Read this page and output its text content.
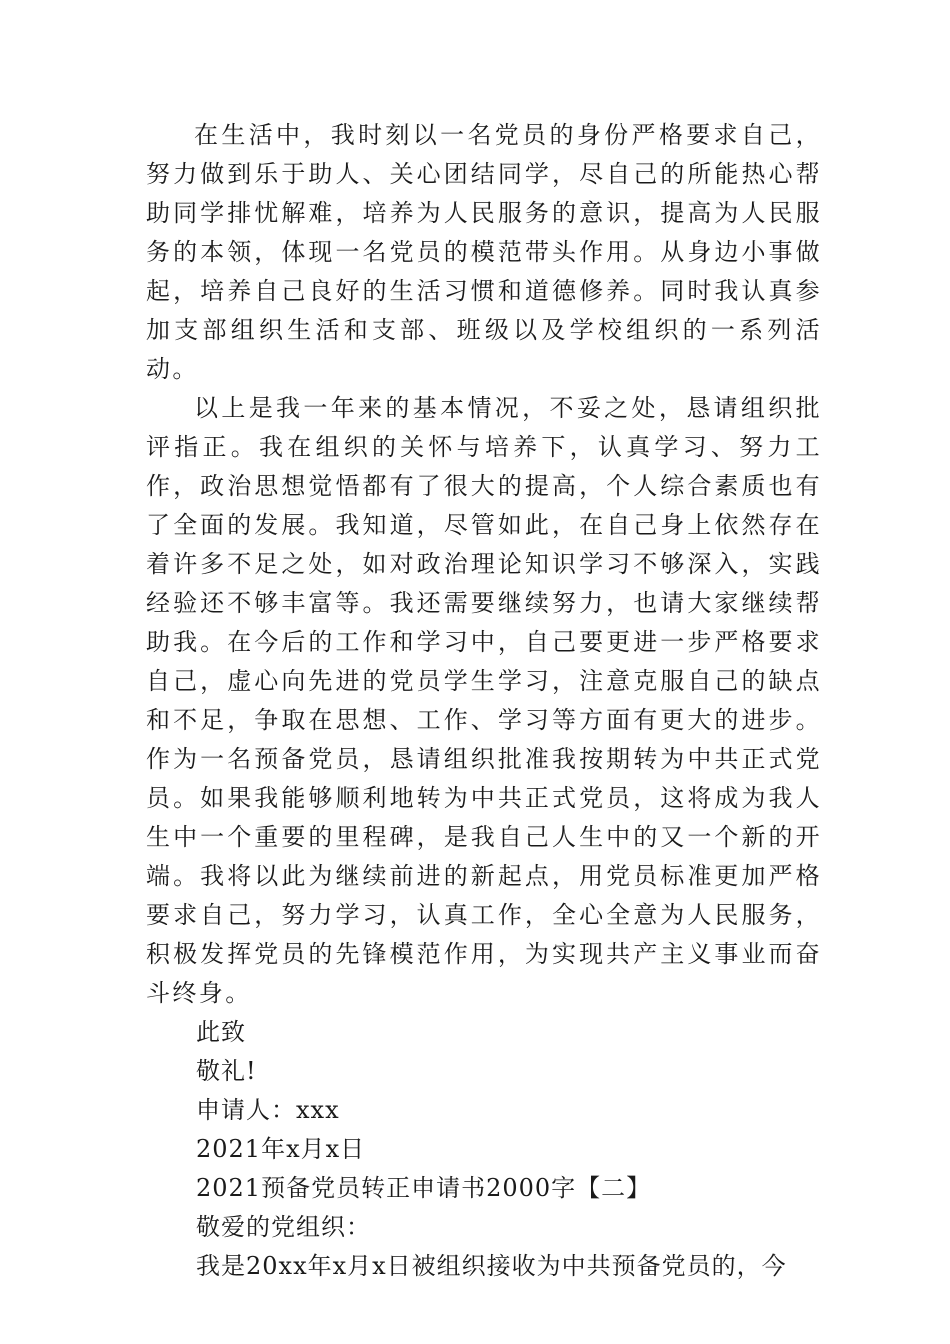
在生活中，我时刻以一名党员的身份严格要求自己，努力做到乐于助人、关心团结同学，尽自己的所能热心帮助同学排忧解难，培养为人民服务的意识，提高为人民服务的本领，体现一名党员的模范带头作用。从身边小事做起，培养自己良好的生活习惯和道德修养。同时我认真参加支部组织生活和支部、班级以及学校组织的一系列活动。

以上是我一年来的基本情况，不妥之处，恳请组织批评指正。我在组织的关怀与培养下，认真学习、努力工作，政治思想觉悟都有了很大的提高，个人综合素质也有了全面的发展。我知道，尽管如此，在自己身上依然存在着许多不足之处，如对政治理论知识学习不够深入，实践经验还不够丰富等。我还需要继续努力，也请大家继续帮助我。在今后的工作和学习中，自己要更进一步严格要求自己，虚心向先进的党员学生学习，注意克服自己的缺点和不足，争取在思想、工作、学习等方面有更大的进步。作为一名预备党员，恳请组织批准我按期转为中共正式党员。如果我能够顺利地转为中共正式党员，这将成为我人生中一个重要的里程碑，是我自己人生中的又一个新的开端。我将以此为继续前进的新起点，用党员标准更加严格要求自己，努力学习，认真工作，全心全意为人民服务，积极发挥党员的先锋模范作用，为实现共产主义事业而奋斗终身。

此致

敬礼!

申请人：xxx

2021年x月x日

2021预备党员转正申请书2000字【二】

敬爱的党组织：

我是20xx年x月x日被组织接收为中共预备党员的，今
